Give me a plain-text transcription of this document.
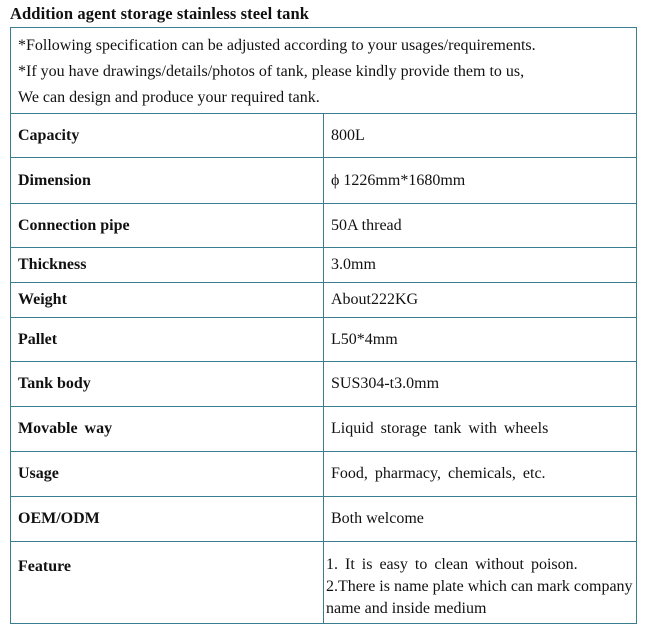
Addition agent storage stainless steel tank
*Following specification can be adjusted according to your usages/requirements.
*If you have drawings/details/photos of tank, please kindly provide them to us,
We can design and produce your required tank.	

Capacity	800L
Dimension	ϕ 1226mm*1680mm
Connection pipe	50A thread
Thickness	3.0mm
Weight	About222KG
Pallet	L50*4mm
Tank body	SUS304-t3.0mm
Movable way	Liquid storage tank with wheels
Usage	Food, pharmacy, chemicals, etc.
OEM/ODM	Both welcome
Feature	1. It is easy to clean without poison.
2.There is name plate which can mark company name and inside medium
